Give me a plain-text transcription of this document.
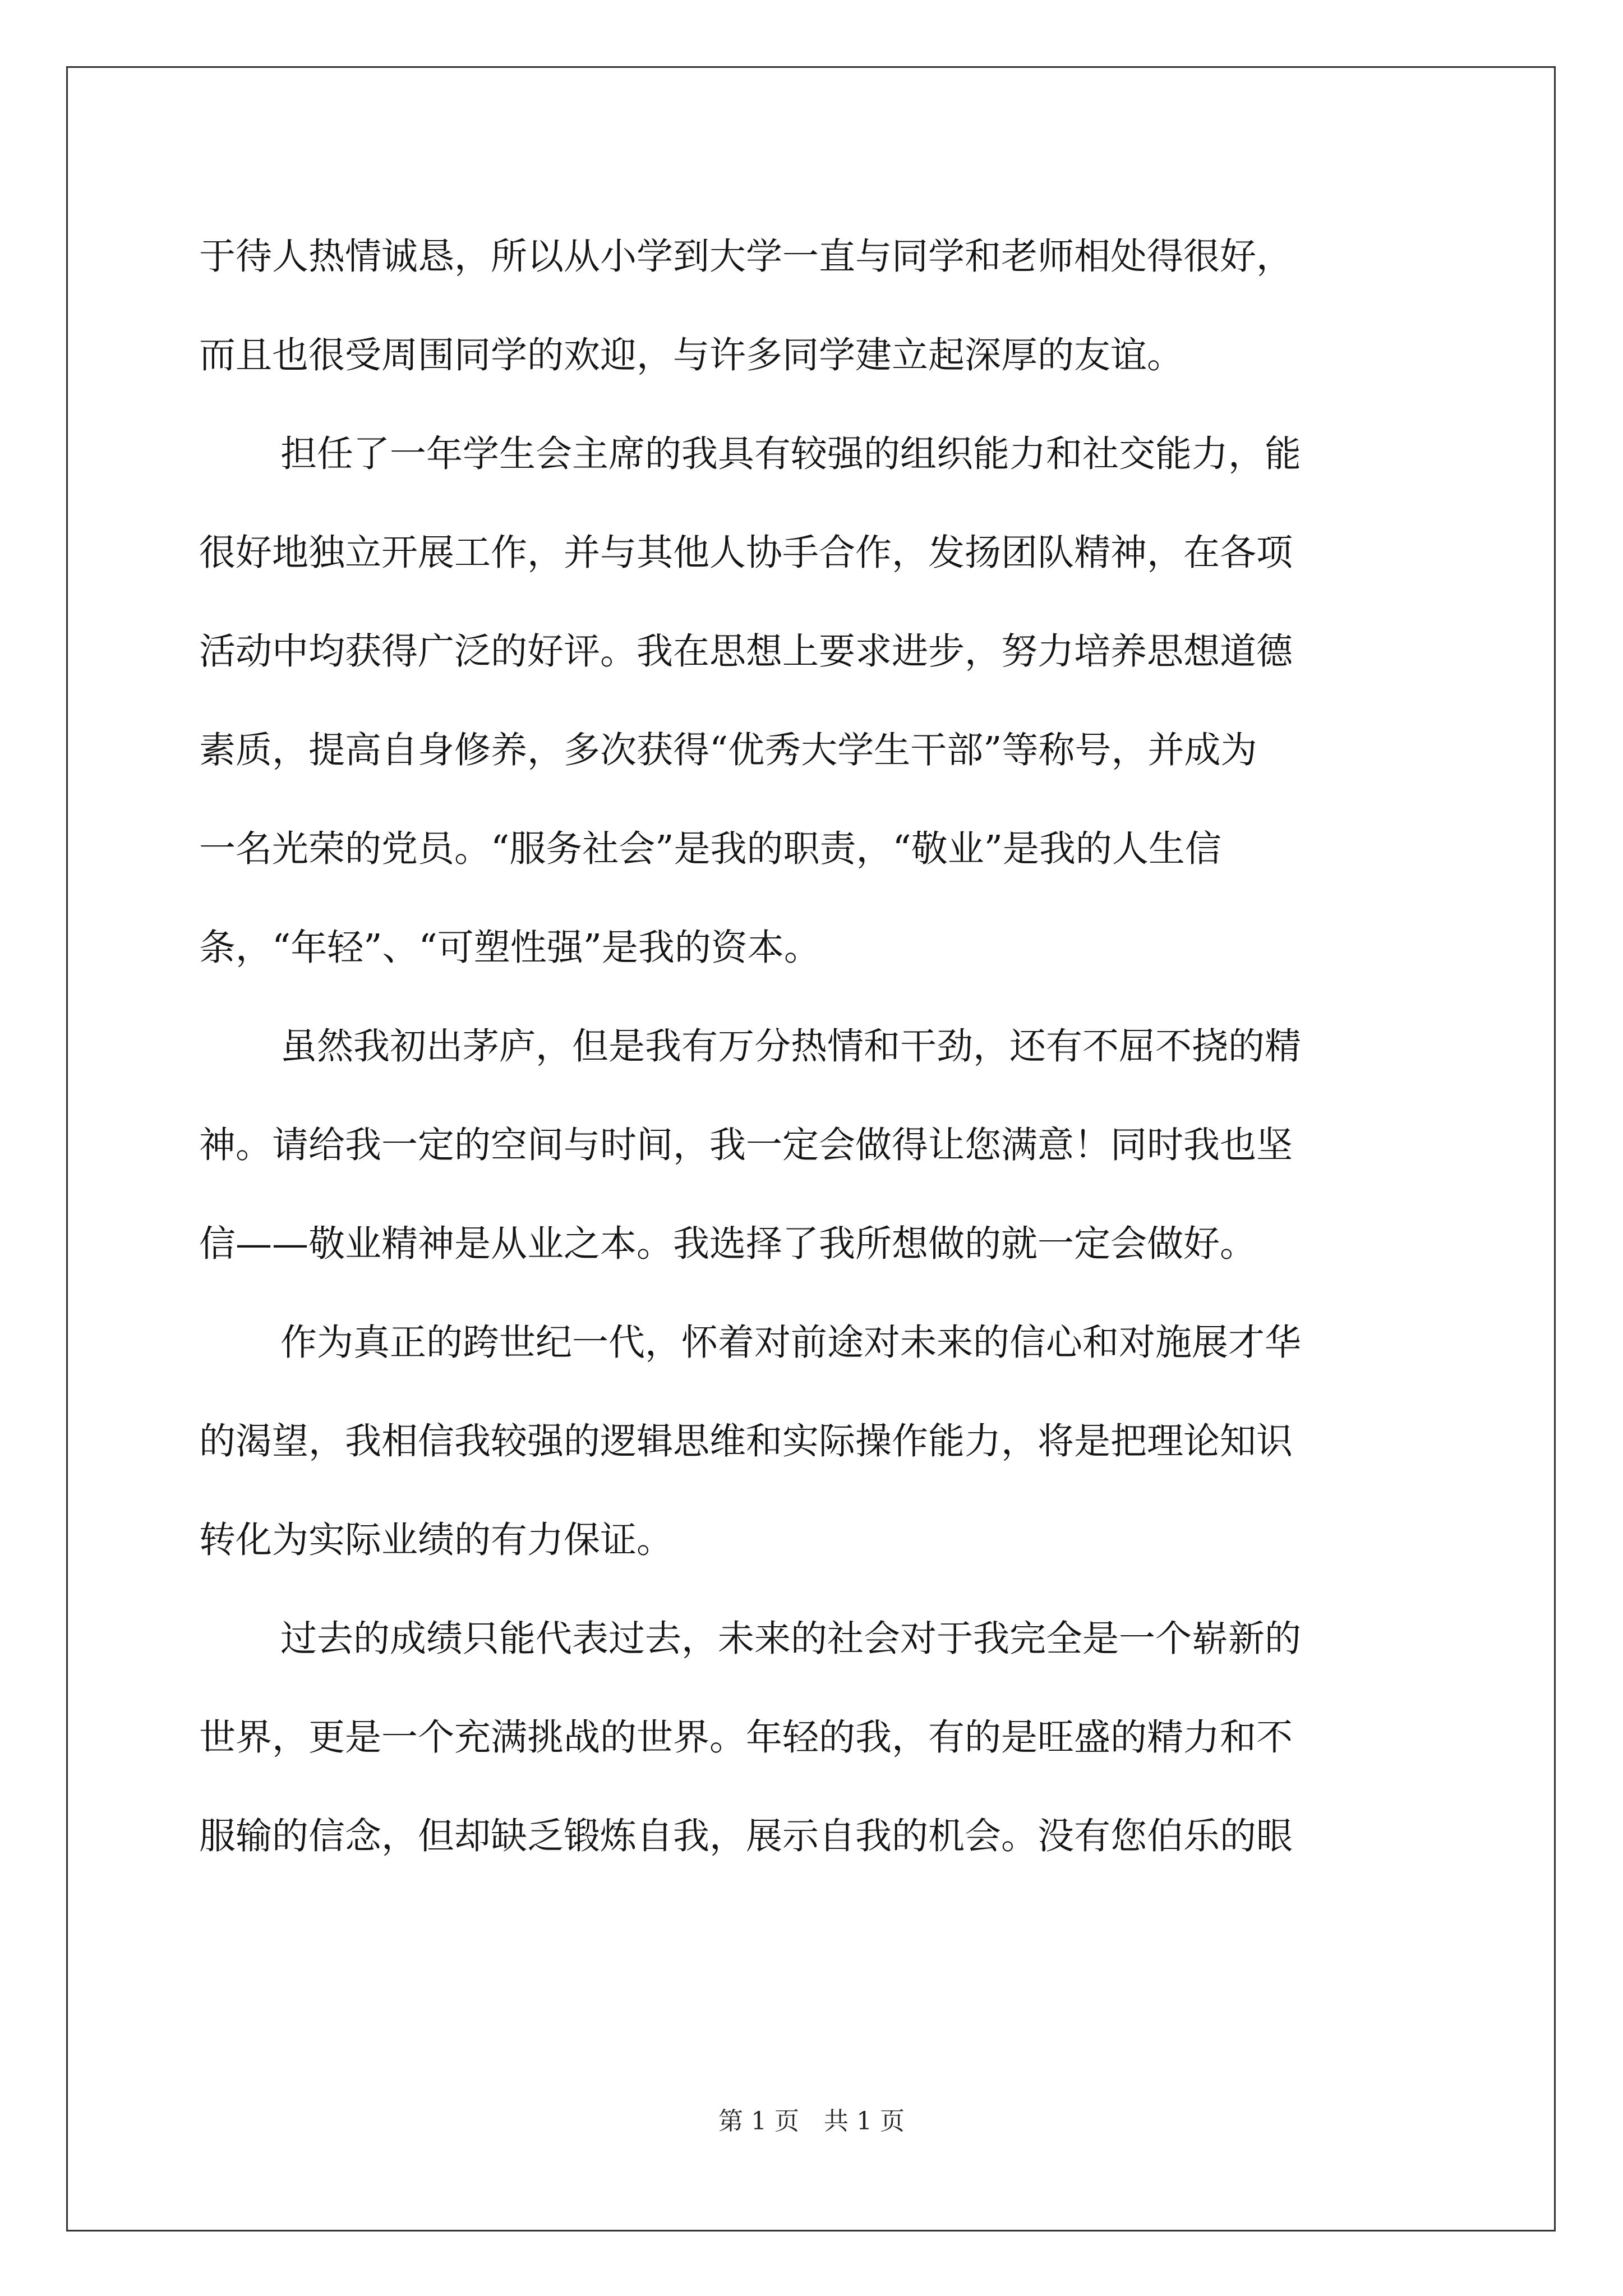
于待人热情诚恳，所以从小学到大学一直与同学和老师相处得很好，
而且也很受周围同学的欢迎，与许多同学建立起深厚的友谊。

担任了一年学生会主席的我具有较强的组织能力和社交能力，能
很好地独立开展工作，并与其他人协手合作，发扬团队精神，在各项
活动中均获得广泛的好评。我在思想上要求进步，努力培养思想道德
素质，提高自身修养，多次获得“优秀大学生干部”等称号，并成为
一名光荣的党员。“服务社会”是我的职责，“敬业”是我的人生信
条，“年轻”、“可塑性强”是我的资本。

虽然我初出茅庐，但是我有万分热情和干劲，还有不屈不挠的精
神。请给我一定的空间与时间，我一定会做得让您满意！同时我也坚
信——敬业精神是从业之本。我选择了我所想做的就一定会做好。

作为真正的跨世纪一代，怀着对前途对未来的信心和对施展才华
的渴望，我相信我较强的逻辑思维和实际操作能力，将是把理论知识
转化为实际业绩的有力保证。

过去的成绩只能代表过去，未来的社会对于我完全是一个崭新的
世界，更是一个充满挑战的世界。年轻的我，有的是旺盛的精力和不
服输的信念，但却缺乏锻炼自我，展示自我的机会。没有您伯乐的眼

第 1 页　共 1 页
